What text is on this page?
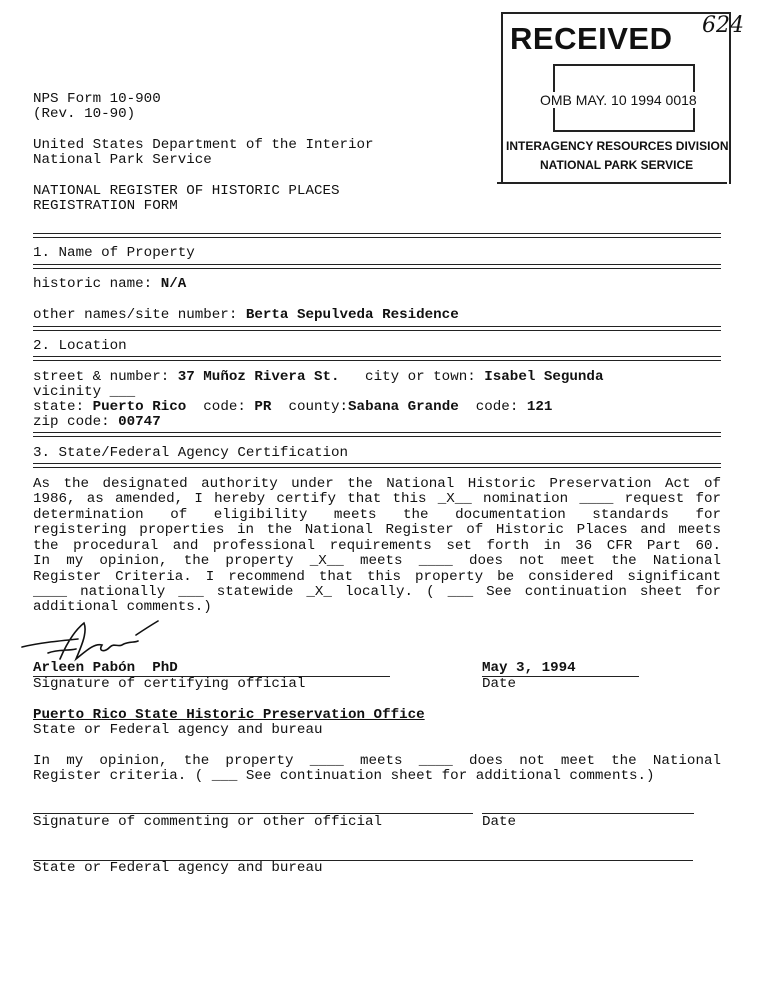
RECEIVED
OMB MAY. 10 1994 0018
INTERAGENCY RESOURCES DIVISION
NATIONAL PARK SERVICE
624
NPS Form 10-900
(Rev. 10-90)
United States Department of the Interior
National Park Service
NATIONAL REGISTER OF HISTORIC PLACES
REGISTRATION FORM
1. Name of Property
historic name: N/A
other names/site number: Berta Sepulveda Residence
2. Location
street & number: 37 Muñoz Rivera St.   city or town: Isabel Segunda
vicinity ___
state: Puerto Rico  code: PR  county:Sabana Grande  code: 121
zip code: 00747
3. State/Federal Agency Certification
As the designated authority under the National Historic Preservation Act of
1986, as amended, I hereby certify that this _X__ nomination ____ request for
determination of eligibility meets the documentation standards for
registering properties in the National Register of Historic Places and meets
the procedural and professional requirements set forth in 36 CFR Part 60.
In my opinion, the property _X__ meets ____ does not meet the National
Register Criteria. I recommend that this property be considered significant
____ nationally ___ statewide _X_ locally. ( ___ See continuation sheet for
additional comments.)
Arleen Pabón  PhD	May 3, 1994
Signature of certifying official	Date
Puerto Rico State Historic Preservation Office
State or Federal agency and bureau
In my opinion, the property ____ meets ____ does not meet the National
Register criteria. ( ___ See continuation sheet for additional comments.)
Signature of commenting or other official	Date
State or Federal agency and bureau
